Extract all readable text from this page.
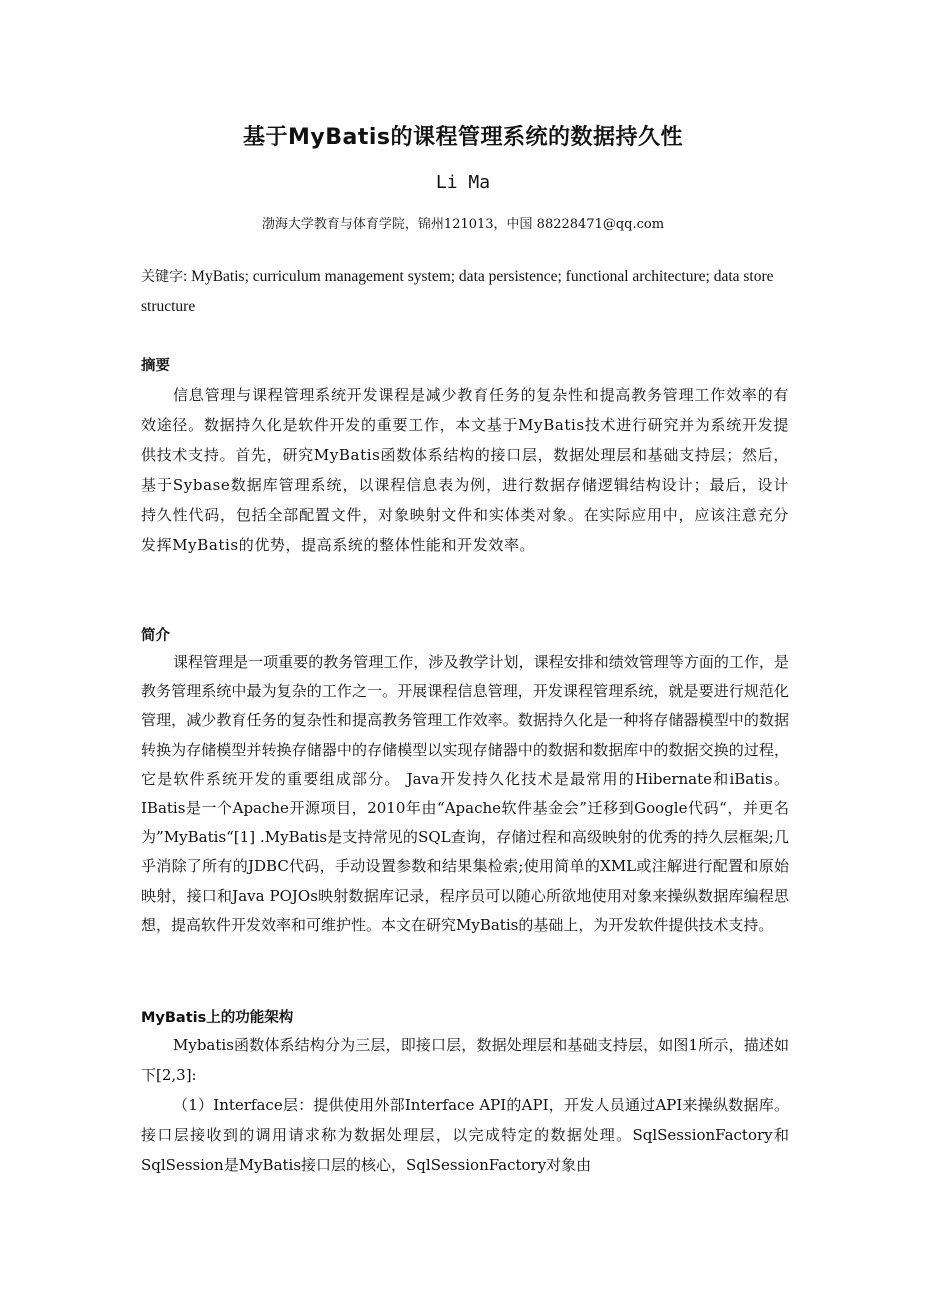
基于MyBatis的课程管理系统的数据持久性
Li Ma
渤海大学教育与体育学院，锦州121013，中国 88228471@qq.com
关键字: MyBatis; curriculum management system; data persistence; functional architecture; data store structure
摘要
信息管理与课程管理系统开发课程是减少教育任务的复杂性和提高教务管理工作效率的有效途径。数据持久化是软件开发的重要工作，本文基于MyBatis技术进行研究并为系统开发提供技术支持。首先，研究MyBatis函数体系结构的接口层，数据处理层和基础支持层；然后，基于Sybase数据库管理系统，以课程信息表为例，进行数据存储逻辑结构设计；最后，设计持久性代码，包括全部配置文件，对象映射文件和实体类对象。在实际应用中，应该注意充分发挥MyBatis的优势，提高系统的整体性能和开发效率。
简介
课程管理是一项重要的教务管理工作，涉及教学计划，课程安排和绩效管理等方面的工作，是教务管理系统中最为复杂的工作之一。开展课程信息管理，开发课程管理系统，就是要进行规范化管理，减少教育任务的复杂性和提高教务管理工作效率。数据持久化是一种将存储器模型中的数据转换为存储模型并转换存储器中的存储模型以实现存储器中的数据和数据库中的数据交换的过程，它是软件系统开发的重要组成部分。 Java开发持久化技术是最常用的Hibernate和iBatis。 IBatis是一个Apache开源项目，2010年由“Apache软件基金会”迁移到Google代码“，并更名为”MyBatis“[1] .MyBatis是支持常见的SQL查询，存储过程和高级映射的优秀的持久层框架;几乎消除了所有的JDBC代码，手动设置参数和结果集检索;使用简单的XML或注解进行配置和原始映射，接口和Java POJOs映射数据库记录，程序员可以随心所欲地使用对象来操纵数据库编程思想，提高软件开发效率和可维护性。本文在研究MyBatis的基础上，为开发软件提供技术支持。
MyBatis上的功能架构
Mybatis函数体系结构分为三层，即接口层，数据处理层和基础支持层，如图1所示，描述如下[2,3]:
（1）Interface层：提供使用外部Interface API的API，开发人员通过API来操纵数据库。 接口层接收到的调用请求称为数据处理层，以完成特定的数据处理。SqlSessionFactory和SqlSession是MyBatis接口层的核心，SqlSessionFactory对象由
